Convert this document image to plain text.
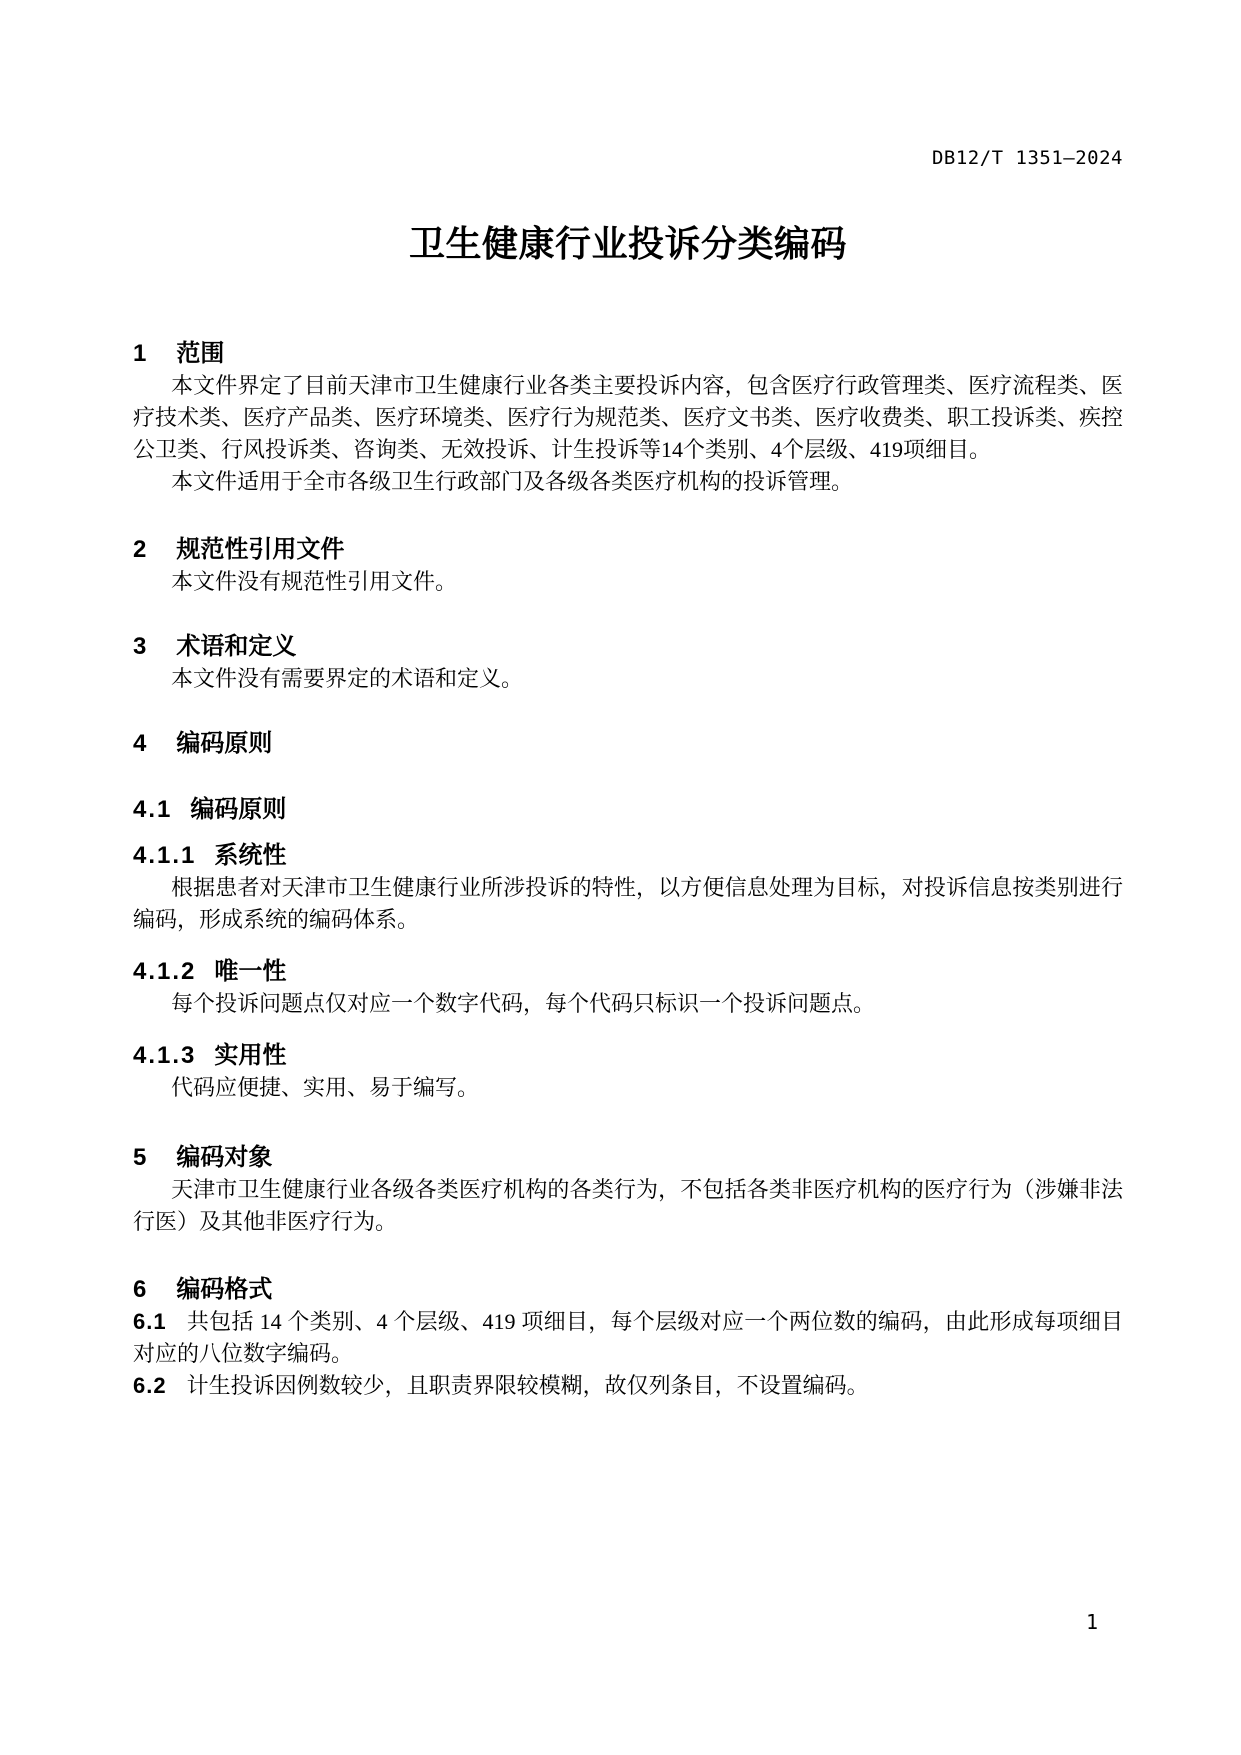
DB12/T 1351—2024
卫生健康行业投诉分类编码
1 范围

本文件界定了目前天津市卫生健康行业各类主要投诉内容，包含医疗行政管理类、医疗流程类、医疗技术类、医疗产品类、医疗环境类、医疗行为规范类、医疗文书类、医疗收费类、职工投诉类、疾控公卫类、行风投诉类、咨询类、无效投诉、计生投诉等14个类别、4个层级、419项细目。

本文件适用于全市各级卫生行政部门及各级各类医疗机构的投诉管理。

2 规范性引用文件

本文件没有规范性引用文件。

3 术语和定义

本文件没有需要界定的术语和定义。

4 编码原则
4.1 编码原则
4.1.1 系统性

根据患者对天津市卫生健康行业所涉投诉的特性，以方便信息处理为目标，对投诉信息按类别进行编码，形成系统的编码体系。

4.1.2 唯一性

每个投诉问题点仅对应一个数字代码，每个代码只标识一个投诉问题点。

4.1.3 实用性

代码应便捷、实用、易于编写。

5 编码对象

天津市卫生健康行业各级各类医疗机构的各类行为，不包括各类非医疗机构的医疗行为（涉嫌非法行医）及其他非医疗行为。

6 编码格式

6.1 共包括 14 个类别、4 个层级、419 项细目，每个层级对应一个两位数的编码，由此形成每项细目对应的八位数字编码。

6.2 计生投诉因例数较少，且职责界限较模糊，故仅列条目，不设置编码。

1
